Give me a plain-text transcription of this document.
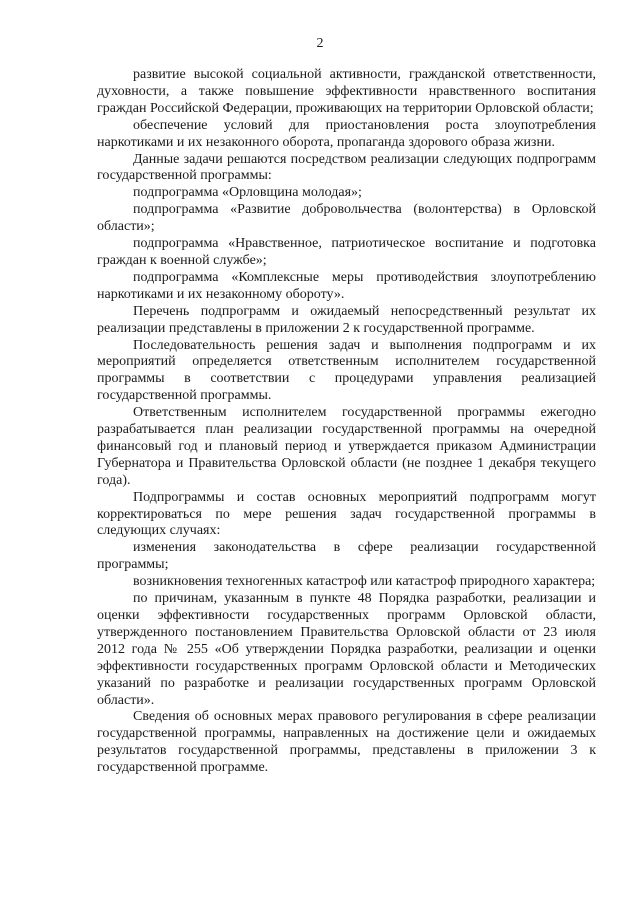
2

развитие высокой социальной активности, гражданской ответственности, духовности, а также повышение эффективности нравственного воспитания граждан Российской Федерации, проживающих на территории Орловской области;

обеспечение условий для приостановления роста злоупотребления наркотиками и их незаконного оборота, пропаганда здорового образа жизни.

Данные задачи решаются посредством реализации следующих подпрограмм государственной программы:

подпрограмма «Орловщина молодая»;

подпрограмма «Развитие добровольчества (волонтерства) в Орловской области»;

подпрограмма «Нравственное, патриотическое воспитание и подготовка граждан к военной службе»;

подпрограмма «Комплексные меры противодействия злоупотреблению наркотиками и их незаконному обороту».

Перечень подпрограмм и ожидаемый непосредственный результат их реализации представлены в приложении 2 к государственной программе.

Последовательность решения задач и выполнения подпрограмм и их мероприятий определяется ответственным исполнителем государственной программы в соответствии с процедурами управления реализацией государственной программы.

Ответственным исполнителем государственной программы ежегодно разрабатывается план реализации государственной программы на очередной финансовый год и плановый период и утверждается приказом Администрации Губернатора и Правительства Орловской области (не позднее 1 декабря текущего года).

Подпрограммы и состав основных мероприятий подпрограмм могут корректироваться по мере решения задач государственной программы в следующих случаях:

изменения законодательства в сфере реализации государственной программы;

возникновения техногенных катастроф или катастроф природного характера;

по причинам, указанным в пункте 48 Порядка разработки, реализации и оценки эффективности государственных программ Орловской области, утвержденного постановлением Правительства Орловской области от 23 июля 2012 года № 255 «Об утверждении Порядка разработки, реализации и оценки эффективности государственных программ Орловской области и Методических указаний по разработке и реализации государственных программ Орловской области».

Сведения об основных мерах правового регулирования в сфере реализации государственной программы, направленных на достижение цели и ожидаемых результатов государственной программы, представлены в приложении 3 к государственной программе.
